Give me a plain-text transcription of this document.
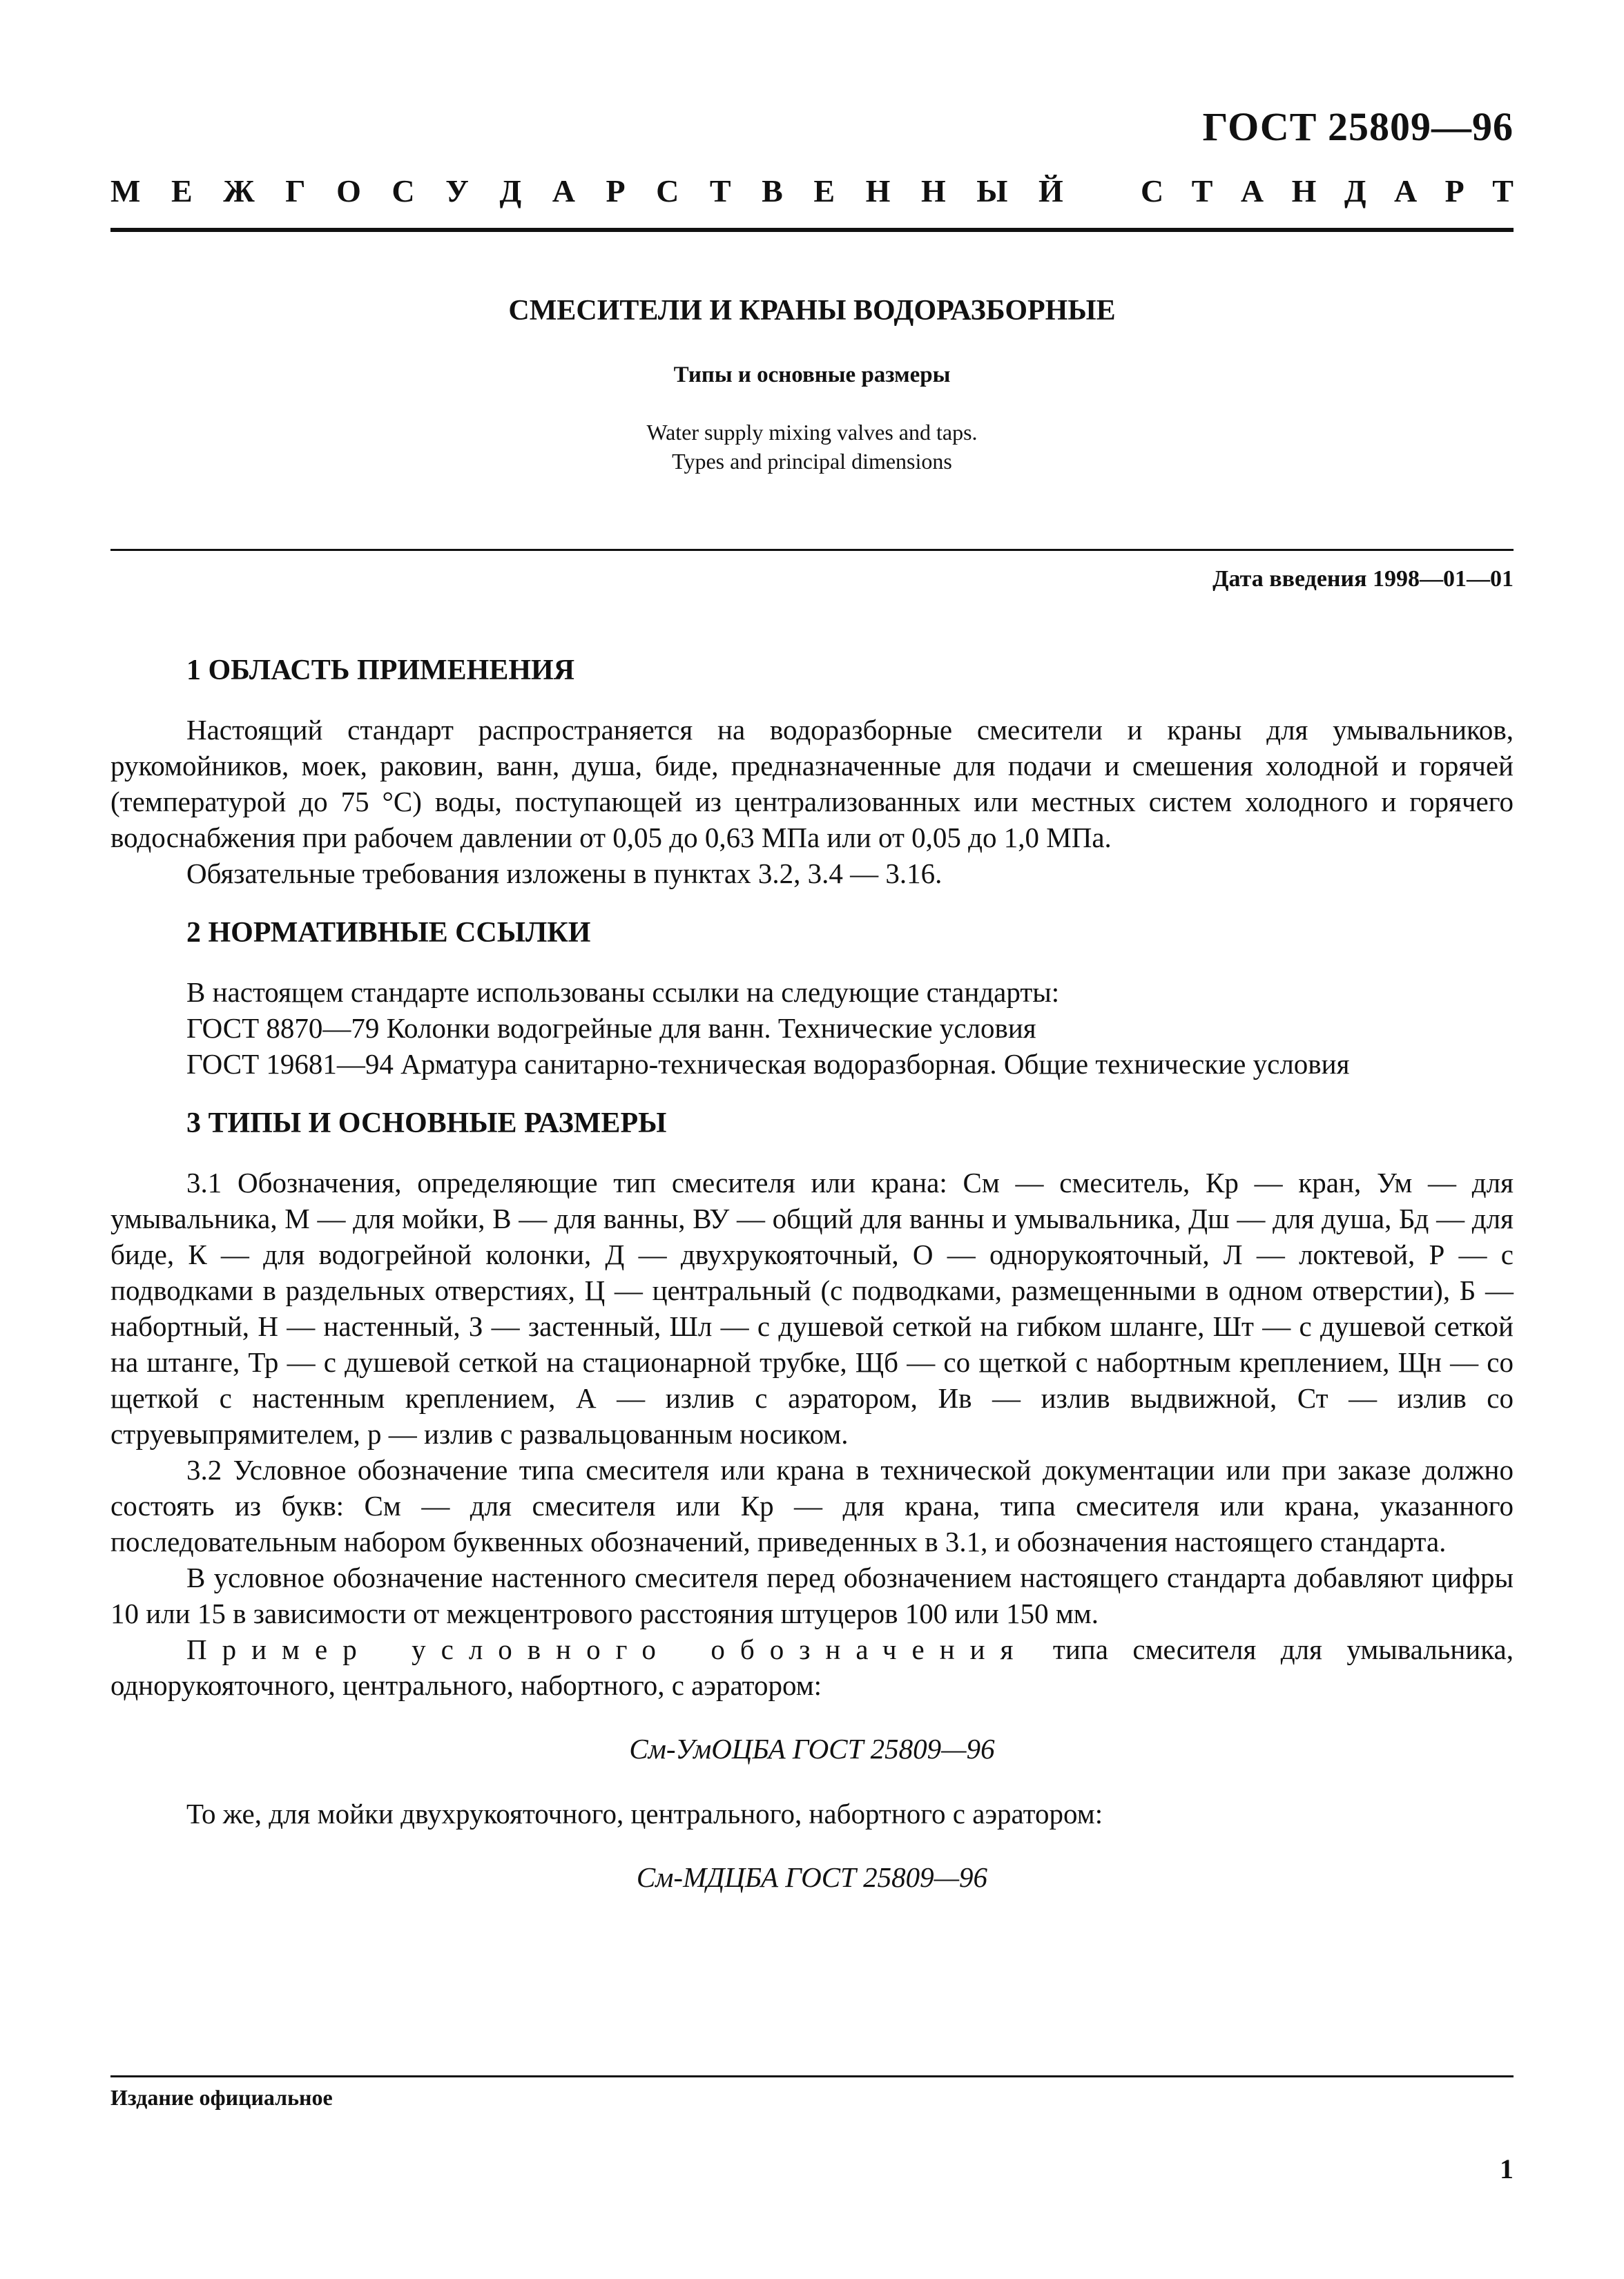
ГОСТ 25809—96

М Е Ж Г О С У Д А Р С Т В Е Н Н Ы Й С Т А Н Д А Р Т

СМЕСИТЕЛИ И КРАНЫ ВОДОРАЗБОРНЫЕ

Типы и основные размеры

Water supply mixing valves and taps.
Types and principal dimensions

Дата введения 1998—01—01

1 ОБЛАСТЬ ПРИМЕНЕНИЯ

Настоящий стандарт распространяется на водоразборные смесители и краны для умывальников, рукомойников, моек, раковин, ванн, душа, биде, предназначенные для подачи и смешения холодной и горячей (температурой до 75 °С) воды, поступающей из централизованных или местных систем холодного и горячего водоснабжения при рабочем давлении от 0,05 до 0,63 МПа или от 0,05 до 1,0 МПа.

Обязательные требования изложены в пунктах 3.2, 3.4 — 3.16.

2 НОРМАТИВНЫЕ ССЫЛКИ

В настоящем стандарте использованы ссылки на следующие стандарты:

ГОСТ 8870—79 Колонки водогрейные для ванн. Технические условия

ГОСТ 19681—94 Арматура санитарно-техническая водоразборная. Общие технические условия

3 ТИПЫ И ОСНОВНЫЕ РАЗМЕРЫ

3.1 Обозначения, определяющие тип смесителя или крана: См — смеситель, Кр — кран, Ум — для умывальника, М — для мойки, В — для ванны, ВУ — общий для ванны и умывальника, Дш — для душа, Бд — для биде, К — для водогрейной колонки, Д — двухрукояточный, О — однорукояточный, Л — локтевой, Р — с подводками в раздельных отверстиях, Ц — центральный (с подводками, размещенными в одном отверстии), Б — набортный, Н — настенный, З — застенный, Шл — с душевой сеткой на гибком шланге, Шт — с душевой сеткой на штанге, Тр — с душевой сеткой на стационарной трубке, Щб — со щеткой с набортным креплением, Щн — со щеткой с настенным креплением, А — излив с аэратором, Ив — излив выдвижной, Ст — излив со струевыпрямителем, р — излив с развальцованным носиком.

3.2 Условное обозначение типа смесителя или крана в технической документации или при заказе должно состоять из букв: См — для смесителя или Кр — для крана, типа смесителя или крана, указанного последовательным набором буквенных обозначений, приведенных в 3.1, и обозначения настоящего стандарта.

В условное обозначение настенного смесителя перед обозначением настоящего стандарта добавляют цифры 10 или 15 в зависимости от межцентрового расстояния штуцеров 100 или 150 мм.

Пример условного обозначения типа смесителя для умывальника, однорукояточного, центрального, набортного, с аэратором:

См-УмОЦБА ГОСТ 25809—96

То же, для мойки двухрукояточного, центрального, набортного с аэратором:

См-МДЦБА ГОСТ 25809—96

Издание официальное

1
